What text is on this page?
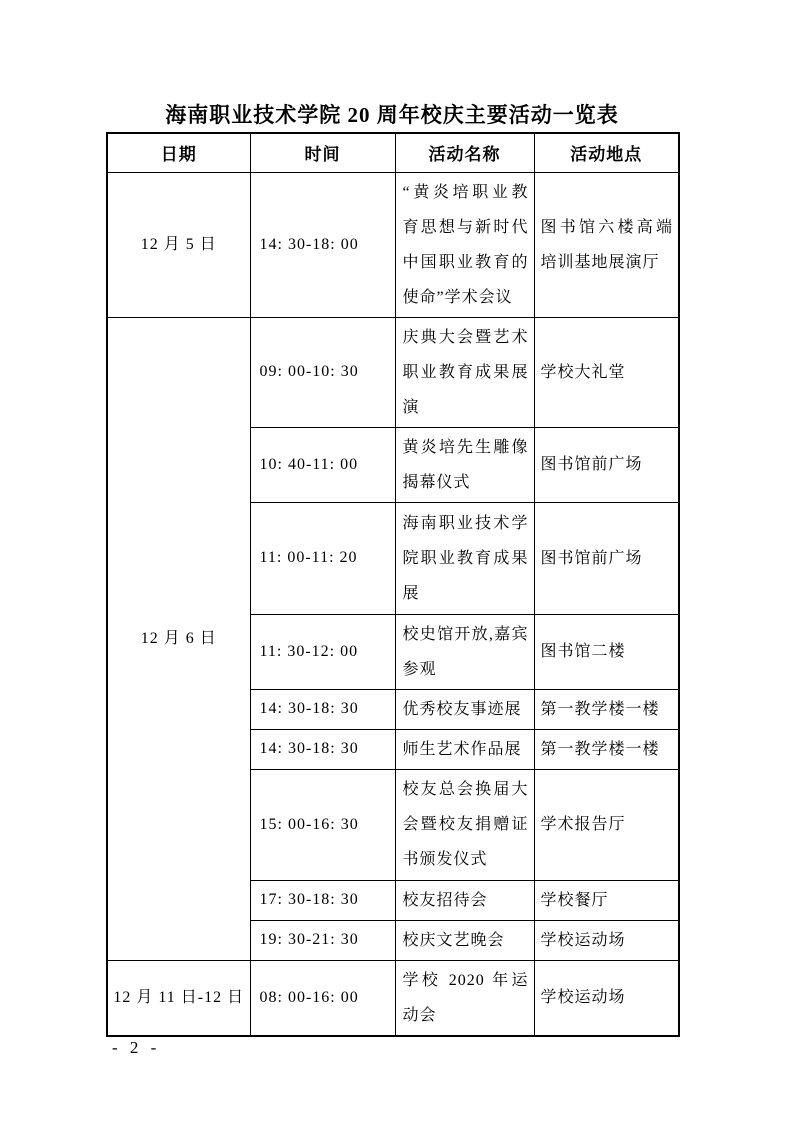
海南职业技术学院 20 周年校庆主要活动一览表
日期	时间	活动名称	活动地点
12 月 5 日	14: 30-18: 00	“黄炎培职业教育思想与新时代中国职业教育的使命”学术会议	图书馆六楼高端培训基地展演厅
12 月 6 日	09: 00-10: 30	庆典大会暨艺术职业教育成果展演	学校大礼堂
	10: 40-11: 00	黄炎培先生雕像揭幕仪式	图书馆前广场
	11: 00-11: 20	海南职业技术学院职业教育成果展	图书馆前广场
	11: 30-12: 00	校史馆开放,嘉宾参观	图书馆二楼
	14: 30-18: 30	优秀校友事迹展	第一教学楼一楼
	14: 30-18: 30	师生艺术作品展	第一教学楼一楼
	15: 00-16: 30	校友总会换届大会暨校友捐赠证书颁发仪式	学术报告厅
	17: 30-18: 30	校友招待会	学校餐厅
	19: 30-21: 30	校庆文艺晚会	学校运动场
12 月 11 日-12 日	08: 00-16: 00	学校 2020 年运动会	学校运动场
- 2 -
